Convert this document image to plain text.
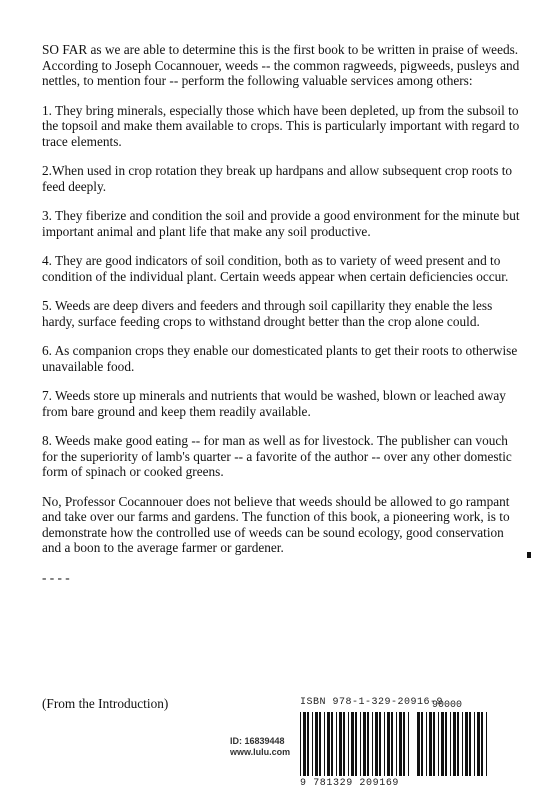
SO FAR as we are able to determine this is the first book to be written in praise of weeds. According to Joseph Cocannouer, weeds -- the common ragweeds, pigweeds, pusleys and nettles, to mention four -- perform the following valuable services among others:

1. They bring minerals, especially those which have been depleted, up from the subsoil to the topsoil and make them available to crops. This is particularly important with regard to trace elements.

2.When used in crop rotation they break up hardpans and allow subsequent crop roots to feed deeply.

3. They fiberize and condition the soil and provide a good environment for the minute but important animal and plant life that make any soil productive.

4. They are good indicators of soil condition, both as to variety of weed present and to condition of the individual plant. Certain weeds appear when certain deficiencies occur.

5. Weeds are deep divers and feeders and through soil capillarity they enable the less hardy, surface feeding crops to withstand drought better than the crop alone could.

6. As companion crops they enable our domesticated plants to get their roots to otherwise unavailable food.

7. Weeds store up minerals and nutrients that would be washed, blown or leached away from bare ground and keep them readily available.

8. Weeds make good eating -- for man as well as for livestock. The publisher can vouch for the superiority of lamb's quarter -- a favorite of the author -- over any other domestic form of spinach or cooked greens.

No, Professor Cocannouer does not believe that weeds should be allowed to go rampant and take over our farms and gardens. The function of this book, a pioneering work, is to demonstrate how the controlled use of weeds can be sound ecology, good conservation and a boon to the average farmer or gardener.

- - - -

(From the Introduction)
ID: 16839448
www.lulu.com
ISBN 978-1-329-20916-9
90000
9 781329 209169
